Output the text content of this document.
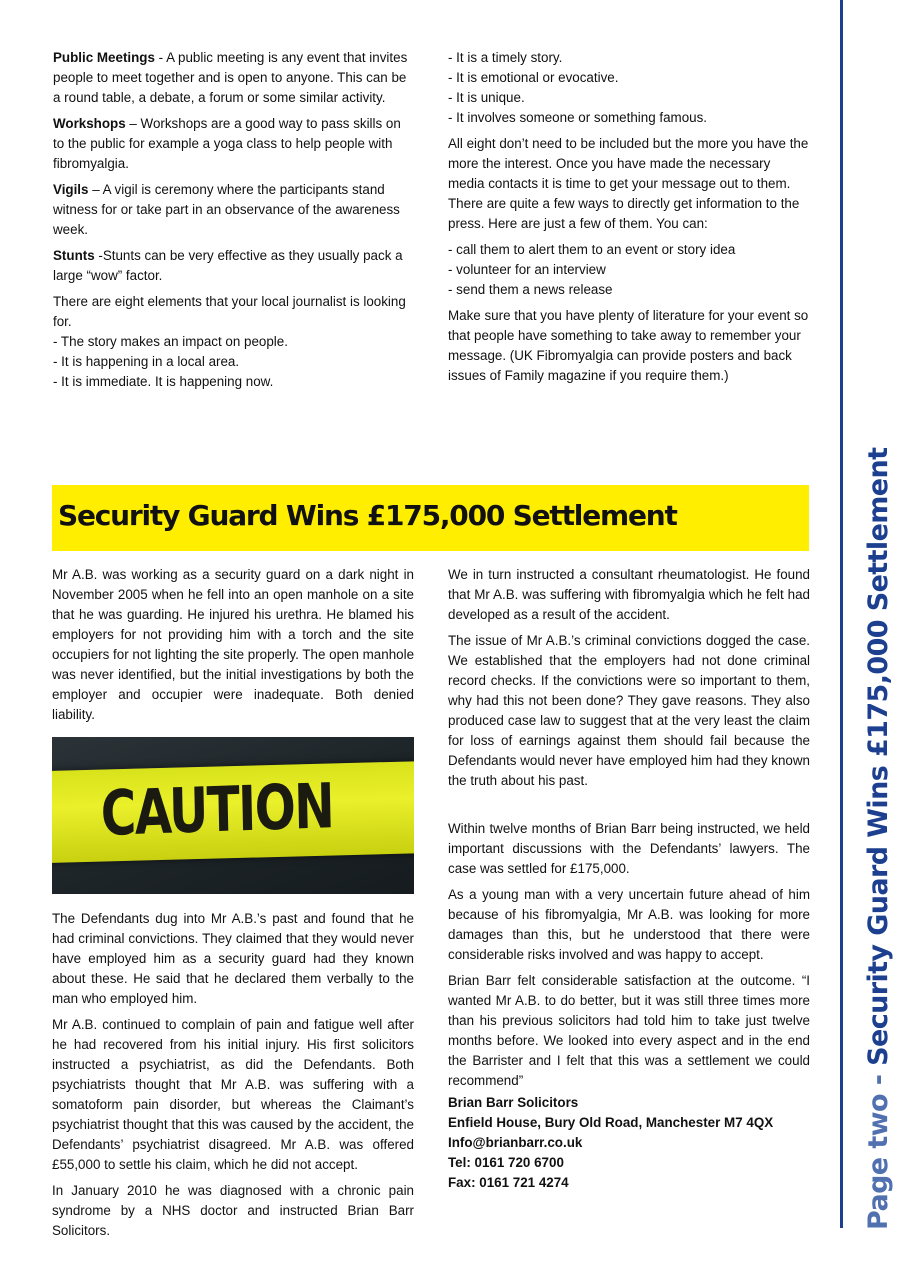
Public Meetings - A public meeting is any event that invites people to meet together and is open to anyone. This can be a round table, a debate, a forum or some similar activity.

Workshops – Workshops are a good way to pass skills on to the public for example a yoga class to help people with fibromyalgia.

Vigils – A vigil is ceremony where the participants stand witness for or take part in an observance of the awareness week.

Stunts -Stunts can be very effective as they usually pack a large “wow” factor.

There are eight elements that your local journalist is looking for.
- The story makes an impact on people.
- It is happening in a local area.
- It is immediate. It is happening now.
- It is a timely story.
- It is emotional or evocative.
- It is unique.
- It involves someone or something famous.

All eight don’t need to be included but the more you have the more the interest. Once you have made the necessary media contacts it is time to get your message out to them. There are quite a few ways to directly get information to the press. Here are just a few of them. You can:

- call them to alert them to an event or story idea
- volunteer for an interview
- send them a news release

Make sure that you have plenty of literature for your event so that people have something to take away to remember your message. (UK Fibromyalgia can provide posters and back issues of Family magazine if you require them.)

Security Guard Wins £175,000 Settlement

Mr A.B. was working as a security guard on a dark night in November 2005 when he fell into an open manhole on a site that he was guarding. He injured his urethra. He blamed his employers for not providing him with a torch and the site occupiers for not lighting the site properly. The open manhole was never identified, but the initial investigations by both the employer and occupier were inadequate. Both denied liability.

CAUTION

The Defendants dug into Mr A.B.’s past and found that he had criminal convictions. They claimed that they would never have employed him as a security guard had they known about these. He said that he declared them verbally to the man who employed him.

Mr A.B. continued to complain of pain and fatigue well after he had recovered from his initial injury. His first solicitors instructed a psychiatrist, as did the Defendants. Both psychiatrists thought that Mr A.B. was suffering with a somatoform pain disorder, but whereas the Claimant’s psychiatrist thought that this was caused by the accident, the Defendants’ psychiatrist disagreed. Mr A.B. was offered £55,000 to settle his claim, which he did not accept.

In January 2010 he was diagnosed with a chronic pain syndrome by a NHS doctor and instructed Brian Barr Solicitors.

We in turn instructed a consultant rheumatologist. He found that Mr A.B. was suffering with fibromyalgia which he felt had developed as a result of the accident.

The issue of Mr A.B.’s criminal convictions dogged the case. We established that the employers had not done criminal record checks. If the convictions were so important to them, why had this not been done? They gave reasons. They also produced case law to suggest that at the very least the claim for loss of earnings against them should fail because the Defendants would never have employed him had they known the truth about his past.

Within twelve months of Brian Barr being instructed, we held important discussions with the Defendants’ lawyers. The case was settled for £175,000.

As a young man with a very uncertain future ahead of him because of his fibromyalgia, Mr A.B. was looking for more damages than this, but he understood that there were considerable risks involved and was happy to accept.

Brian Barr felt considerable satisfaction at the outcome. “I wanted Mr A.B. to do better, but it was still three times more than his previous solicitors had told him to take just twelve months before. We looked into every aspect and in the end the Barrister and I felt that this was a settlement we could recommend”

Brian Barr Solicitors
Enfield House, Bury Old Road, Manchester M7 4QX
Info@brianbarr.co.uk
Tel: 0161 720 6700
Fax: 0161 721 4274	Page two - Security Guard Wins £175,000 Settlement
